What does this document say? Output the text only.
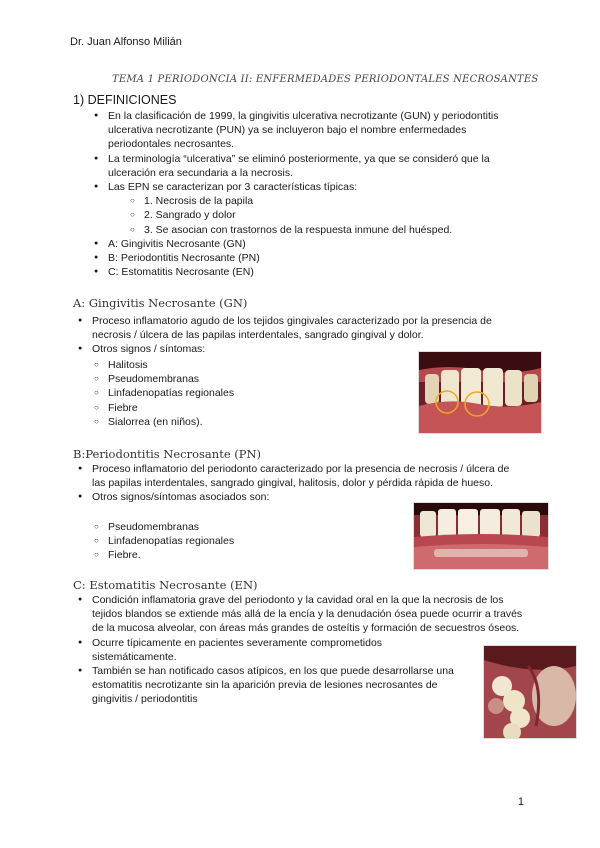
Dr. Juan Alfonso Milián
TEMA 1 PERIODONCIA II: ENFERMEDADES PERIODONTALES NECROSANTES
1) DEFINICIONES
● En la clasificación de 1999, la gingivitis ulcerativa necrotizante (GUN) y periodontitis ulcerativa necrotizante (PUN) ya se incluyeron bajo el nombre enfermedades periodontales necrosantes.
● La terminología “ulcerativa” se eliminó posteriormente, ya que se consideró que la ulceración era secundaria a la necrosis.
● Las EPN se caracterizan por 3 características típicas:
○ 1. Necrosis de la papila
○ 2. Sangrado y dolor
○ 3. Se asocian con trastornos de la respuesta inmune del huésped.
● A: Gingivitis Necrosante (GN)
● B: Periodontitis Necrosante (PN)
● C: Estomatitis Necrosante (EN)
A: Gingivitis Necrosante (GN)
● Proceso inflamatorio agudo de los tejidos gingivales caracterizado por la presencia de necrosis / úlcera de las papilas interdentales, sangrado gingival y dolor.
● Otros signos / síntomas:
○ Halitosis
○ Pseudomembranas
○ Linfadenopatías regionales
○ Fiebre
○ Sialorrea (en niños).
B:Periodontitis Necrosante (PN)
● Proceso inflamatorio del periodonto caracterizado por la presencia de necrosis / úlcera de las papilas interdentales, sangrado gingival, halitosis, dolor y pérdida rápida de hueso.
● Otros signos/síntomas asociados son:
○ Pseudomembranas
○ Linfadenopatías regionales
○ Fiebre.
C: Estomatitis Necrosante (EN)
● Condición inflamatoria grave del periodonto y la cavidad oral en la que la necrosis de los tejidos blandos se extiende más allá de la encía y la denudación ósea puede ocurrir a través de la mucosa alveolar, con áreas más grandes de osteítis y formación de secuestros óseos.
● Ocurre típicamente en pacientes severamente comprometidos sistemáticamente.
● También se han notificado casos atípicos, en los que puede desarrollarse una estomatitis necrotizante sin la aparición previa de lesiones necrosantes de gingivitis / periodontitis
1
